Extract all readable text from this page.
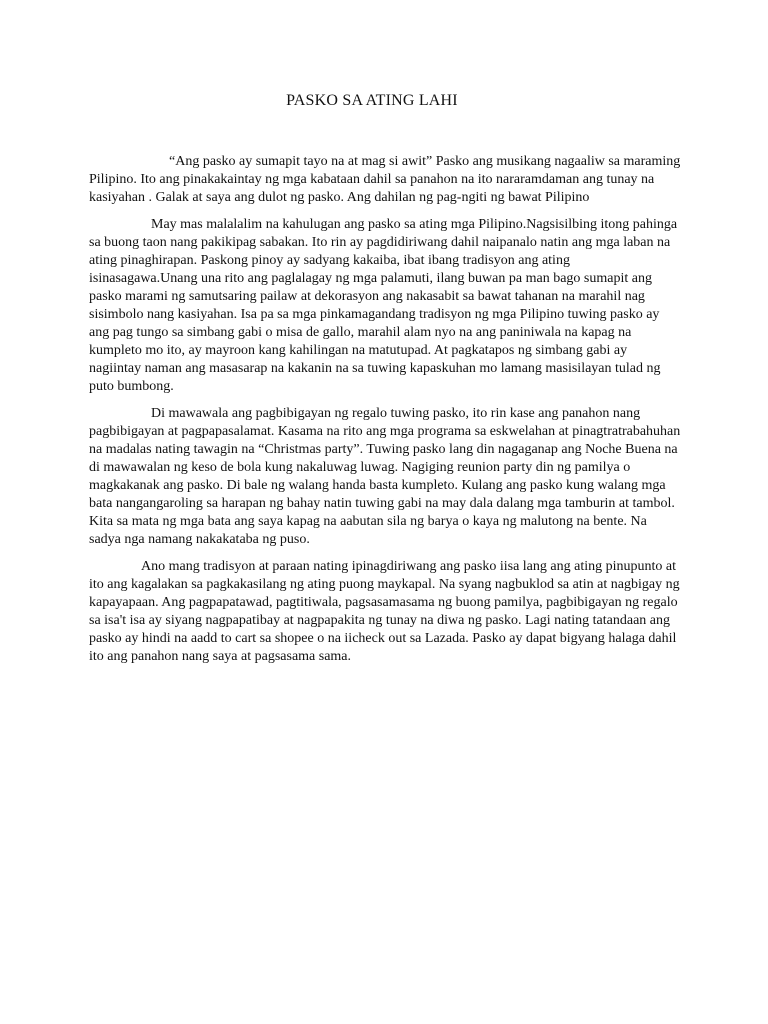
PASKO SA ATING LAHI

“Ang pasko ay sumapit tayo na at mag si awit” Pasko ang musikang nagaaliw sa maraming Pilipino. Ito ang pinakakaintay ng mga kabataan dahil sa panahon na ito nararamdaman ang tunay na kasiyahan . Galak at saya ang dulot ng pasko. Ang dahilan ng pag-ngiti ng bawat Pilipino

May mas malalalim na kahulugan ang pasko sa ating mga Pilipino.Nagsisilbing itong pahinga sa buong taon nang pakikipag sabakan. Ito rin ay pagdidiriwang dahil naipanalo natin ang mga laban na ating pinaghirapan. Paskong pinoy ay sadyang kakaiba, ibat ibang tradisyon ang ating isinasagawa.Unang una rito ang paglalagay ng mga palamuti, ilang buwan pa man bago sumapit ang pasko marami ng samutsaring pailaw at dekorasyon ang nakasabit sa bawat tahanan na marahil nag sisimbolo nang kasiyahan. Isa pa sa mga pinkamagandang tradisyon ng mga Pilipino tuwing pasko ay ang pag tungo sa simbang gabi o misa de gallo, marahil alam nyo na ang paniniwala na kapag na kumpleto mo ito, ay mayroon kang kahilingan na matutupad. At pagkatapos ng simbang gabi ay nagiintay naman ang masasarap na kakanin na sa tuwing kapaskuhan mo lamang masisilayan tulad ng puto bumbong.

Di mawawala ang pagbibigayan ng regalo tuwing pasko, ito rin kase ang panahon nang pagbibigayan at pagpapasalamat. Kasama na rito ang mga programa sa eskwelahan at pinagtratrabahuhan na madalas nating tawagin na “Christmas party”. Tuwing pasko lang din nagaganap ang Noche Buena na di mawawalan ng keso de bola kung nakaluwag luwag. Nagiging reunion party din ng pamilya o magkakanak ang pasko. Di bale ng walang handa basta kumpleto. Kulang ang pasko kung walang mga bata nangangaroling sa harapan ng bahay natin tuwing gabi na may dala dalang mga tamburin at tambol. Kita sa mata ng mga bata ang saya kapag na aabutan sila ng barya o kaya ng malutong na bente. Na sadya nga namang nakakataba ng puso.

Ano mang tradisyon at paraan nating ipinagdiriwang ang pasko iisa lang ang ating pinupunto at ito ang kagalakan sa pagkakasilang ng ating puong maykapal. Na syang nagbuklod sa atin at nagbigay ng kapayapaan. Ang pagpapatawad, pagtitiwala, pagsasamasama ng buong pamilya, pagbibigayan ng regalo sa isa't isa ay siyang nagpapatibay at nagpapakita ng tunay na diwa ng pasko. Lagi nating tatandaan ang pasko ay hindi na aadd to cart sa shopee o na iicheck out sa Lazada. Pasko ay dapat bigyang halaga dahil ito ang panahon nang saya at pagsasama sama.
